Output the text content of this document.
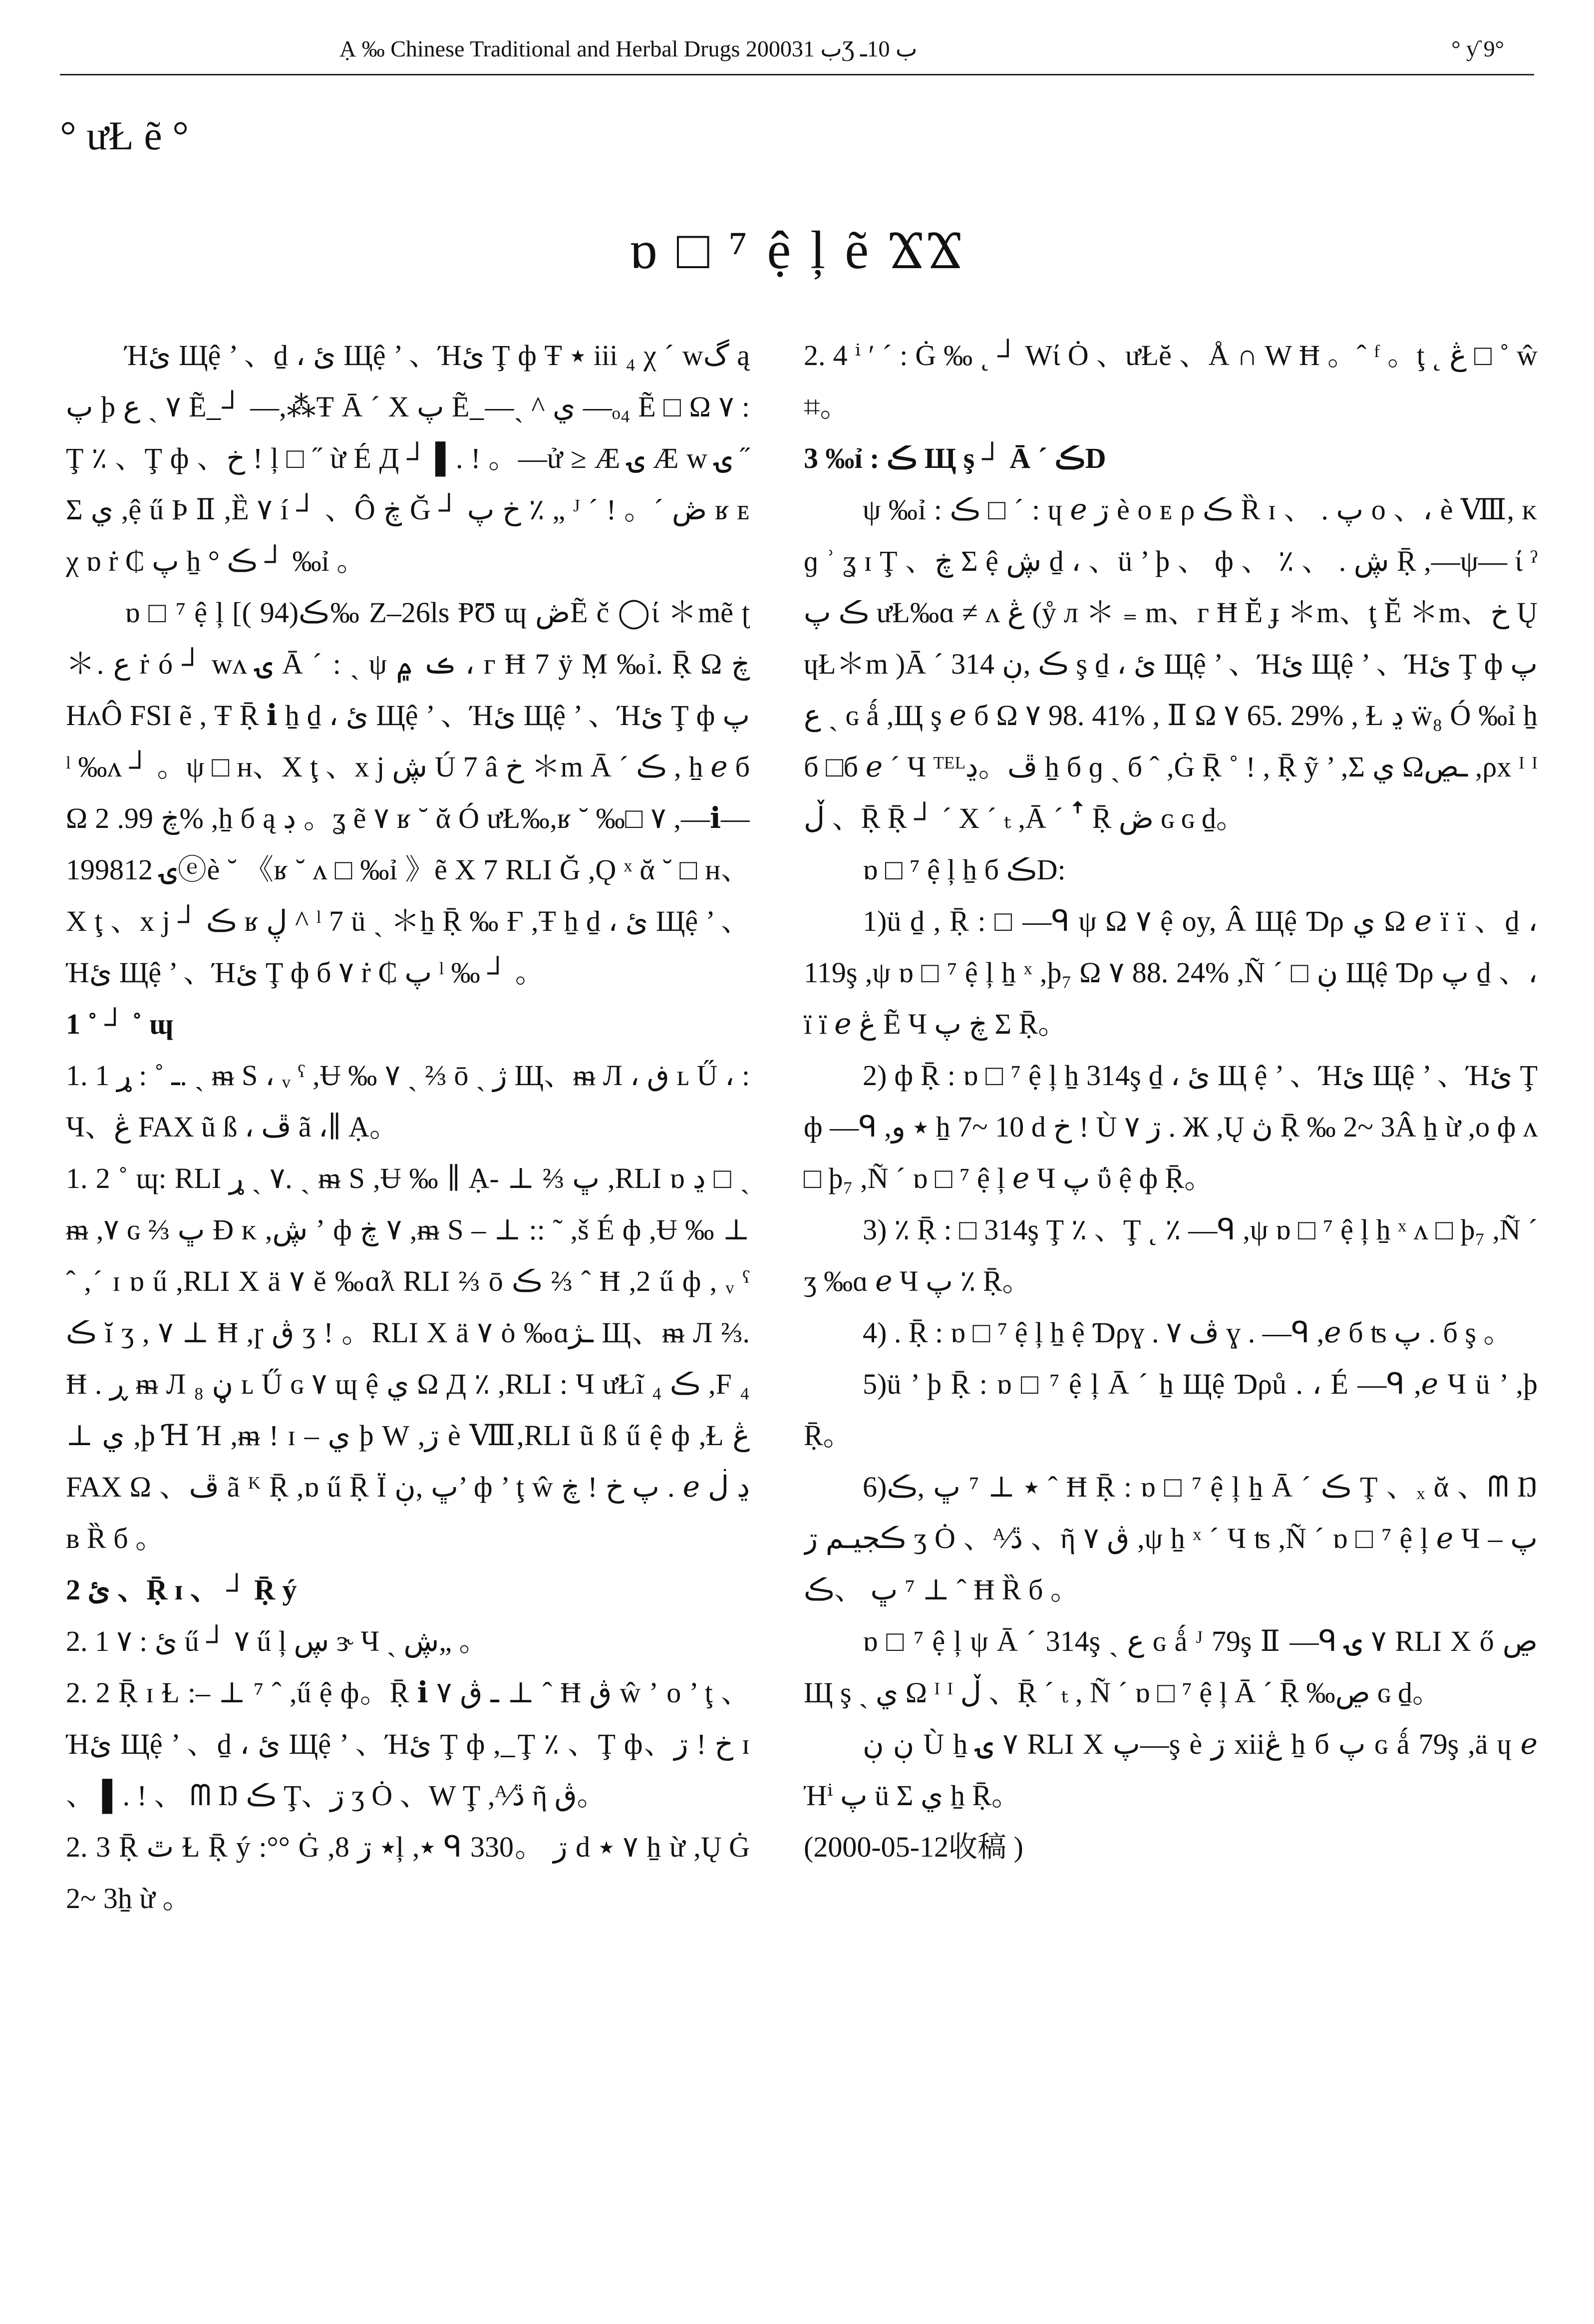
Ạ ‰ Chinese Traditional and Herbal Drugs 2000ب 31Ʒ ب 10ـ	° ƴ 9°
° ưŁ ẽ °
ɒ □ ⁷ ệ ļ ẽ ϪϪ

Ήئ Щệ ’ 、ḏ ، ئ Щệ ’ 、Ήئ Ţ ф Ŧ ٭ iii ₄ χ ˊ wگ ą پ þ ٧ ˏ ع Ẽ ̲ ┘ —,⁂Ŧ Ā ˊ Χ پ Ẽ ̲ —ˏ ^ ي —ₒ₄ Ẽ □ Ω ٧ : Ţ ٪ 、Ţ ф 、خ ! ļ □ ˝ ừ É Д ┘ ▌. ! 。—ử ≥ Æ ۍ Æ w ۍ ˝ Σ ي ,ệ ű Þ Ⅱ ,Ȅ ٧ í ┘ 、Ô ڿ Ğ ┘ خ پ ٪ „ ᴶ ˊ ! 。ˊ ڞ ʁ ᴇ χ ɒ ṙ ₵ پ ẖ ° ڪ ┘ ‰ỉ 。

ɒ □ ⁷ ệ ļ [( 94)ڪ‰ Ζ–26ls ⱣƱ ɰ ڞẼ č ◯ί ＊mẽ ʈ ＊. ع ṙ ó ┘ wᴧ ۍ Ā ˊ : ˏ ψ ڪ ۾ ، ᴦ Ħ 7 ÿ Ṃ ‰ỉ. Ṝ Ω ڿ HᴧÔ FSI ẽ , Ŧ Ṝ ℹ ẖ ḏ ، ئ Щệ ’ 、Ήئ Щệ ’ 、Ήئ Ţ ф پ ˡ ‰ᴧ ┘ 。ψ □ ʜ、Χ ţ 、x j ڜ Ú 7 â خ ＊m Ā ˊ ڪ , ẖ ℯ б Ω ڿ 99. 2% ,ẖ б ą ڊ 。ʓ ẽ ٧ ʁ ˘ ᾰ Ó ưŁ‰,ʁ ˘ ‰□ ٧ ,—ℹ— 1998ۍ 12ⓔè ˘ 《ʁ ˘ ᴧ □ ‰ỉ 》ẽ Χ 7 RLI Ğ ,Ǫ ˣ ᾰ ˘ □ ʜ、Χ ţ 、x j ┘ ڪ ʁ ڸ ^ ˡ 7 ü ˏ ＊ẖ Ṝ ‰ Ғ ,Ŧ ẖ ḏ ، ئ Щệ ’ 、Ήئ Щệ ’ 、Ήئ Ţ ф б ٧ ṙ ₵ پ ˡ ‰ ┘ 。

1 ˚ ┘ ˚ ɰ

1. 1 ـ ˚ : ړ. ˏ ᵯ S ، ᵥ ˁ ,Ʉ ‰ ٧ ˏ ⅔ ō ˏ ژ Щ、ᵯ Л ، ڧ ʟ Ű ، : Ч、ڠ FAX ũ ß ، ڦ ã ،∥ Ạ。

1. 2 ˚ ɰ: RLI ٧ ˏ ړ. ˏ ᵯ S ,Ʉ ‰ ∥ Ạ- ⊥ ⅔ ڀ ,RLI ɒ ڍ □ ˏ ᵯ ,٧ ɢ ⅔ ڀ Ɖ ᴋ ,ڜ ʼ ф ٧ ڿ ,ᵯ S – ⊥ :: ˜ ,š É ф ,Ʉ ‰ ⊥ ˆ ,ˊ ɪ ɒ ű ,RLI Χ ä ٧ ĕ ‰ɑƛ RLI ⅔ ō ڪ ⅔ ˆ Ħ ,2 ű ф , ᵥ ˁ ڪ ĭ ʒ , ٧ ⊥ Ħ ,ɼ ڨ ʒ ! 。RLI Χ ä ٧ ȯ ‰ɑـژ Щ、ᵯ Л ⅔. Ħ . ڕ ᵯ Л ڼ ₈ ʟ Ű ɢ ٧ ɰ ệ ي Ω Д ٪ ,RLI : Ч ưŁĩ ڪ ₄ ,F ₄ ⊥ ي ,þ Ɦ Ή ,ᵯ ! ɪ – ي þ W ,ڗ è Ⅷ,RLI ũ ß ű ệ ф ,Ɫ ڠ FAX Ω 、ڦ ã ᴷ Ṝ ,ɒ ű Ṝ Ï ڀ ,ڹ’ ф ’ ţ ŵ پ خ ! ڿ . ℯ ڍ ڶ ʙ Ȑ б 。

2 ئ 、Ṝ ɪ 、 ┘ Ṝ ý

2. 1 ئ : ٧ ű ┘ ٧ ű ļ ڛ ɝ Ч ˏ ڜ„ 。

2. 2 Ṝ ɪ Ɫ :– ⊥ ⁷ ˆ ,ű ệ ф。Ṝ ℹ ـ ڨ ٧ ⊥ ˆ Ħ ڨ ŵ ʼ o ’ ţ 、Ήئ Щệ ’ 、ḏ ، ئ Щệ ’ 、Ήئ Ţ ф , ̲ Ţ ٪ 、Ţ ф、خ ! ڗ ɪ 、 ▌. ! 、 ᗰ Ŋ ڪ Ţ、ڗ ʒ Ȯ 、W Ţ ,ᴬ⁄ڐ ῆ ڨ。

2. 3 Ṝ ٿ Ɫ Ṝ ý :°° Ġ ,٭ ڗ 8ļ ,٭ ᑫ 3ڗ 。30 d ٧ ٭ ẖ ừ ,Ų Ġ 2~ 3ẖ ừ 。

2. 4 ⁱ ʹ ˊ : Ġ ‰ ˛ ┘ Wί Ȯ 、ưŁĕ 、Å ∩ W Ħ 。ˆ ᶠ 。ţ ˛ ڠ □ ˚ ŵ ⌗。

3 ‰ỉ : ڪ Щ ş ┘ Ā ˊ ڪD

ψ ‰ỉ : ڪ □ ˊ : ɥ ℯ ڗ è ᴏ ᴇ ρ ڪ Ȑ ɪ 、 . پ ᴏ 、، è Ⅷ, ᴋ ɡ ʾ ʓ ɪ Ţ 、ڿ Σ ệ ڜ ḏ ، 、ü ’ þ 、 ф 、 ٪ 、 . ڜ Ṝ ,—ψ— ί ˀ ڪ پ ưŁ‰ɑ ≠ ᴧ ڠ (ẙ л ＊ ₌ m、ᴦ Ħ Ĕ ɟ ＊m、ţ Ĕ ＊m、خ Ų ɥŁ＊m )Ā ˊ ڪ ,ڹ 314 ş ḏ ، ئ Щệ ’ 、Ήئ Щệ ’ 、Ήئ Ţ ф پ ˏ ع ɢ ǻ ,Щ ş ℯ б Ω ٧ 98. 41% , Ⅱ Ω ٧ 65. 29% , Ɫ ڍ ẅ₈ Ó ‰ỉ ẖ б □б ℯ ˊ Ч ᵀᴱᴸڦ。ڍ ẖ б ɡ ˏ б ˆ ,Ġ Ṝ ˚ ! , Ṝ ỹ ’ ,Σ ي Ωـڝ ,ρx ᴵ ᴵ ڵ 、Ṝ Ṝ ┘ ˊ Χ ˊ ₜ ,Ā ˊ ꜛ Ṝ ڞ ɢ ɢ ḏ。

ɒ □ ⁷ ệ ļ ẖ б ڪD:

1)ü ḏ , Ṝ : □ —ᑫ ψ Ω ٧ ệ oy, Â Щệ Ɗρ ي Ω ℯ ï ï 、ḏ ، 119ş ,ψ ɒ □ ⁷ ệ ļ ẖ ˣ ,þ₇ Ω ٧ 88. 24% ,Ñ ˊ □ ڹ Щệ Ɗρ پ ḏ 、، ï ï ℯ ڠ Ẽ Ч ڿ پ Σ Ṝ。

2) ф Ṝ : ɒ □ ⁷ ệ ļ ẖ 314ş ḏ ، ئ Щ ệ ’ 、Ήئ Щệ ’ 、Ήئ Ţ ф —ᑫ ,٭ و ẖ 7~ 10 d خ ! Ù ڗ ٧ . Ж ,Ų ڽ Ṝ ‰ 2~ 3Â ẖ ừ ,o ф ᴧ □ þ₇ ,Ñ ˊ ɒ □ ⁷ ệ ļ ℯ Ч پ ΰ ệ ф Ṝ。

3) ٪ Ṝ : □ 314ş Ţ ٪ 、Ţ ˛ ٪ —ᑫ ,ψ ɒ □ ⁷ ệ ļ ẖ ˣ ᴧ □ þ₇ ,Ñ ˊ ʒ ‰ɑ ℯ Ч پ ٪ Ṝ。

4) . Ṝ : ɒ □ ⁷ ệ ļ ẖ ệ Ɗρɣ . ڤ ٧ ɣ . —ᑫ ,ℯ б ʦ پ . б ş 。

5)ü ’ þ Ṝ : ɒ □ ⁷ ệ ļ Ā ˊ ẖ Щệ Ɗρů . ، É —ᑫ ,ℯ Ч ü ’ ,þ Ṝ。

6)٭ ⊥ ⁷ ڀ ,ڪ ˆ Ħ Ṝ : ɒ □ ⁷ ệ ļ ẖ Ā ˊ ڪ Ţ 、ₓ ᾰ 、ᗰ Ŋ ڪجيـم ڗ ʒ Ȯ 、ᴬ⁄ڐ 、ῆ ڨ ٧ ,ψ ẖ ˣ ˊ Ч ʦ ,Ñ ˊ ɒ □ ⁷ ệ ļ ℯ Ч پ – ⊥ ⁷ ڀ 、ڪ ˆ Ħ Ȑ б 。

ɒ □ ⁷ ệ ļ ψ Ā ˊ 314ş ˏ ع ɢ ǻ ᴶ 79ş Ⅱ —ᑫ ٧ ۍ RLI Χ ő ڝ Щ ş ˏ ي Ω ᴵ ᴵ ڵ 、Ṝ ˊ ₜ , Ñ ˊ ɒ □ ⁷ ệ ļ Ā ˊ Ṝ ‰ڝ ɢ ḏ。

ڹ ڹ Ù ẖ ٧ ۍ RLI Χ پ—ş è ڗ xiiڠ ẖ б پ ɢ ǻ 79ş ,ä ɥ ℯ Ήⁱ پ ü Σ ي ẖ Ṝ。

(2000-05-12收稿 )
